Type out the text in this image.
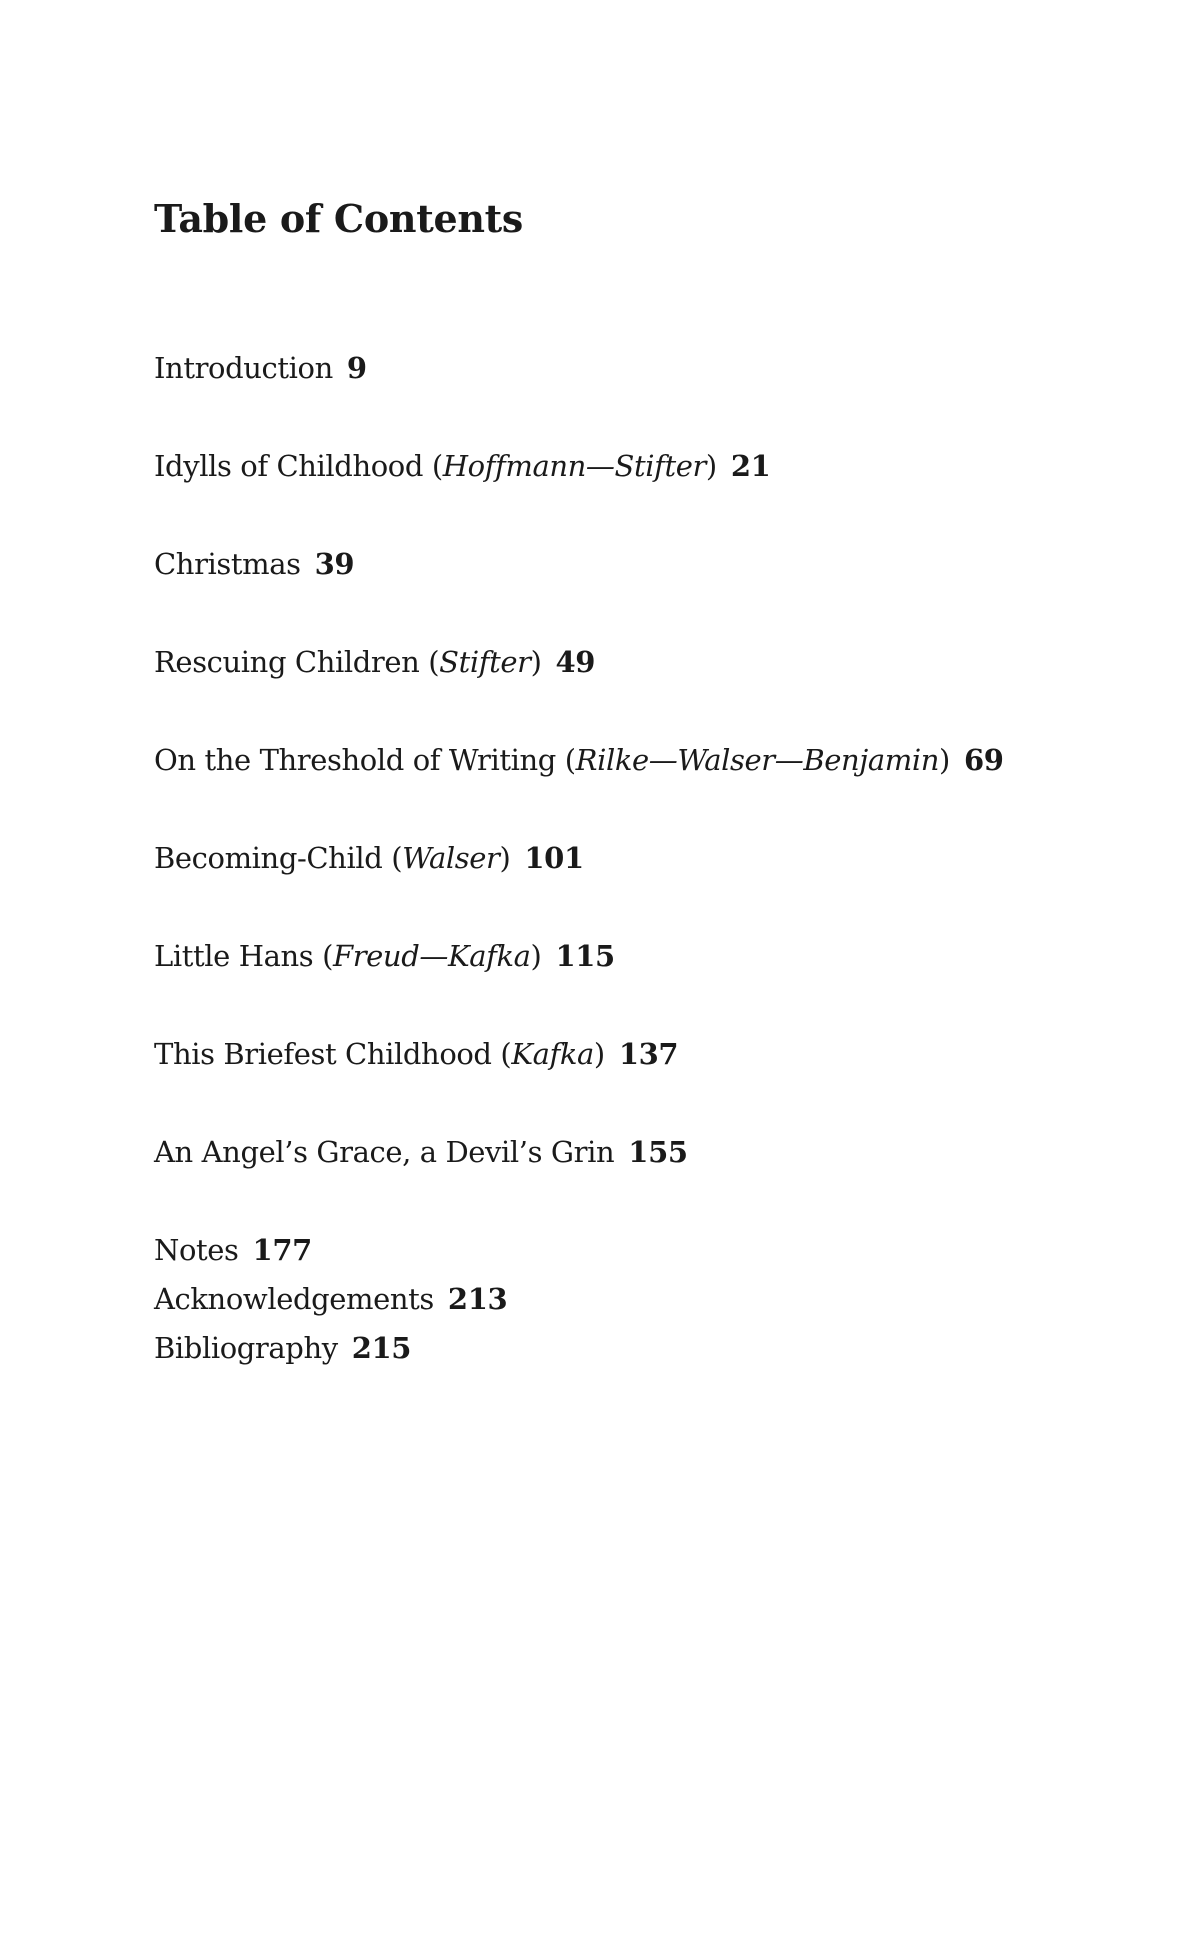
Table of Contents
Introduction 9
Idylls of Childhood (Hoffmann—Stifter) 21
Christmas 39
Rescuing Children (Stifter) 49
On the Threshold of Writing (Rilke—Walser—Benjamin) 69
Becoming-Child (Walser) 101
Little Hans (Freud—Kafka) 115
This Briefest Childhood (Kafka) 137
An Angel’s Grace, a Devil’s Grin 155
Notes 177
Acknowledgements 213
Bibliography 215
